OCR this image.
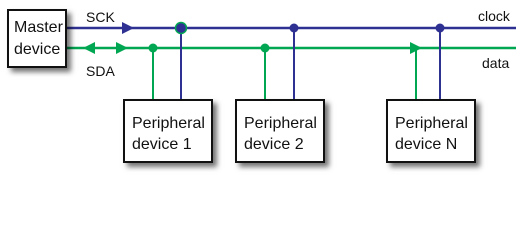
Master
device
Peripheral
device 1
Peripheral
device 2
Peripheral
device N
SCK
SDA
clock
data
